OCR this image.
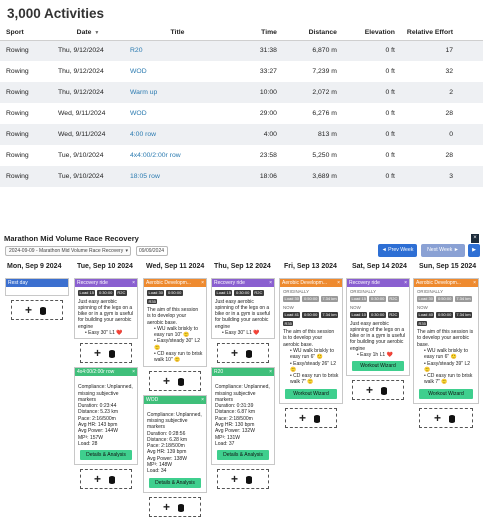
3,000 Activities
Sport	Date ▼	Title	Time	Distance	Elevation	Relative Effort
Rowing	Thu, 9/12/2024	R20	31:38	6,870 m	0 ft	17
Rowing	Thu, 9/12/2024	WOD	33:27	7,239 m	0 ft	32
Rowing	Thu, 9/12/2024	Warm up	10:00	2,072 m	0 ft	2
Rowing	Wed, 9/11/2024	WOD	29:00	6,276 m	0 ft	28
Rowing	Wed, 9/11/2024	4:00 row	4:00	813 m	0 ft	0
Rowing	Tue, 9/10/2024	4x4:00/2:00r row	23:58	5,250 m	0 ft	28
Rowing	Tue, 9/10/2024	18:05 row	18:06	3,689 m	0 ft	3
Marathon Mid Volume Race Recovery	×
2024-09-09 - Marathon Mid Volume Race Recovery ▾	09/09/2024	◄ Prev Week	Next Week ►	▶
Mon, Sep 9 2024 Tue, Sep 10 2024 Wed, Sep 11 2024 Thu, Sep 12 2024 Fri, Sep 13 2024 Sat, Sep 14 2024 Sun, Sep 15 2024
Rest day
+
Recovery ride	×
Load 15	0:30:00	R2C
Just easy aerobic spinning of the legs on a bike or in a gym is useful for building your aerobic engine
• Easy 30" L1 ❤️
+
4x4:00/2:00r row	×
Compliance: Unplanned, missing subjective markers
Duration: 0:23:44
Distance: 5.23 km
Pace: 2:16/500m
Avg HR: 143 bpm
Avg Power: 144W
MP³: 157W
Load: 28
Details & Analysis
+
Aerobic Developm... ×
Load 30	0:50:00
R35
The aim of this session is to develop your aerobic base.
• WU walk briskly to easy run 10" 🙂
• Easy/steady 30" L2 🙂
• CD easy run to brisk walk 10" 🙂
+
WOD	×
Compliance: Unplanned, missing subjective markers
Duration: 0:28:56
Distance: 6.28 km
Pace: 2:18/500m
Avg HR: 139 bpm
Avg Power: 138W
MP³: 148W
Load: 34
Details & Analysis
+
Recovery ride	×
Load 15	0:30:00	R2C
Just easy aerobic spinning of the legs on a bike or in a gym is useful for building your aerobic engine
• Easy 30" L1 ❤️
+
R20	×
Compliance: Unplanned, missing subjective markers
Duration: 0:31:39
Distance: 6.87 km
Pace: 2:18/500m
Avg HR: 130 bpm
Avg Power: 132W
MP³: 131W
Load: 37
Details & Analysis
+
Aerobic Developm... ×
ORIGINALLY
Load 30	0:50:00	7.34 km
NOW
Load 41	0:50:00	7.34 km
R35
The aim of this session is to develop your aerobic base.
• WU walk briskly to easy run 6" 🙂
• Easy/steady 26" L2 🙂
• CD easy run to brisk walk 7" 🙂
Workout Wizard
+
Recovery ride	×
ORIGINALLY
Load 15	0:30:00	R2C
NOW
Load 10	0:30:00	R2C
Just easy aerobic spinning of the legs on a bike or in a gym is useful for building your aerobic engine
• Easy 1h L1 ❤️
Workout Wizard
+
Aerobic Developm... ×
ORIGINALLY
Load 30	0:50:00	7.34 km
NOW
Load 40	0:50:00	7.34 km
R35
The aim of this session is to develop your aerobic base.
• WU walk briskly to easy run 6" 🙂
• Easy/steady 39" L2 🙂
• CD easy run to brisk walk 7" 🙂
Workout Wizard
+
